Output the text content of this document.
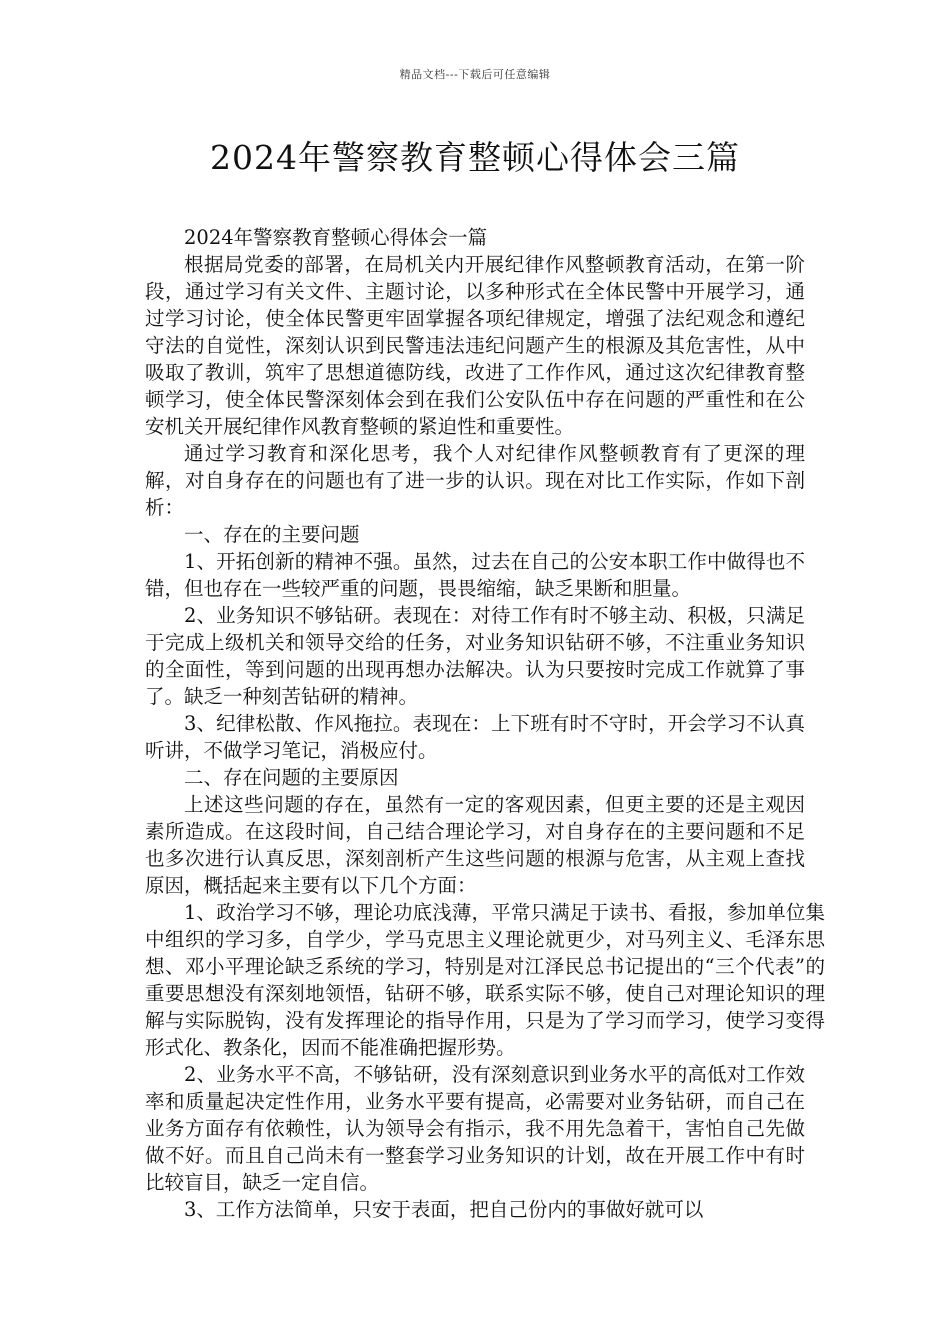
精品文档---下载后可任意编辑
2024年警察教育整顿心得体会三篇

2024年警察教育整顿心得体会一篇

根据局党委的部署，在局机关内开展纪律作风整顿教育活动，在第一阶段，通过学习有关文件、主题讨论，以多种形式在全体民警中开展学习，通过学习讨论，使全体民警更牢固掌握各项纪律规定，增强了法纪观念和遵纪守法的自觉性，深刻认识到民警违法违纪问题产生的根源及其危害性，从中吸取了教训，筑牢了思想道德防线，改进了工作作风，通过这次纪律教育整顿学习，使全体民警深刻体会到在我们公安队伍中存在问题的严重性和在公安机关开展纪律作风教育整顿的紧迫性和重要性。

通过学习教育和深化思考，我个人对纪律作风整顿教育有了更深的理解，对自身存在的问题也有了进一步的认识。现在对比工作实际，作如下剖析：

一、存在的主要问题

1、开拓创新的精神不强。虽然，过去在自己的公安本职工作中做得也不错，但也存在一些较严重的问题，畏畏缩缩，缺乏果断和胆量。

2、业务知识不够钻研。表现在：对待工作有时不够主动、积极，只满足于完成上级机关和领导交给的任务，对业务知识钻研不够，不注重业务知识的全面性，等到问题的出现再想办法解决。认为只要按时完成工作就算了事了。缺乏一种刻苦钻研的精神。

3、纪律松散、作风拖拉。表现在：上下班有时不守时，开会学习不认真听讲，不做学习笔记，消极应付。

二、存在问题的主要原因

上述这些问题的存在，虽然有一定的客观因素，但更主要的还是主观因素所造成。在这段时间，自己结合理论学习，对自身存在的主要问题和不足也多次进行认真反思，深刻剖析产生这些问题的根源与危害，从主观上查找原因，概括起来主要有以下几个方面：

1、政治学习不够，理论功底浅薄，平常只满足于读书、看报，参加单位集中组织的学习多，自学少，学马克思主义理论就更少，对马列主义、毛泽东思想、邓小平理论缺乏系统的学习，特别是对江泽民总书记提出的“三个代表”的重要思想没有深刻地领悟，钻研不够，联系实际不够，使自己对理论知识的理解与实际脱钩，没有发挥理论的指导作用，只是为了学习而学习，使学习变得形式化、教条化，因而不能准确把握形势。

2、业务水平不高，不够钻研，没有深刻意识到业务水平的高低对工作效率和质量起决定性作用，业务水平要有提高，必需要对业务钻研，而自己在业务方面存有依赖性，认为领导会有指示，我不用先急着干，害怕自己先做做不好。而且自己尚未有一整套学习业务知识的计划，故在开展工作中有时比较盲目，缺乏一定自信。

3、工作方法简单，只安于表面，把自己份内的事做好就可以
